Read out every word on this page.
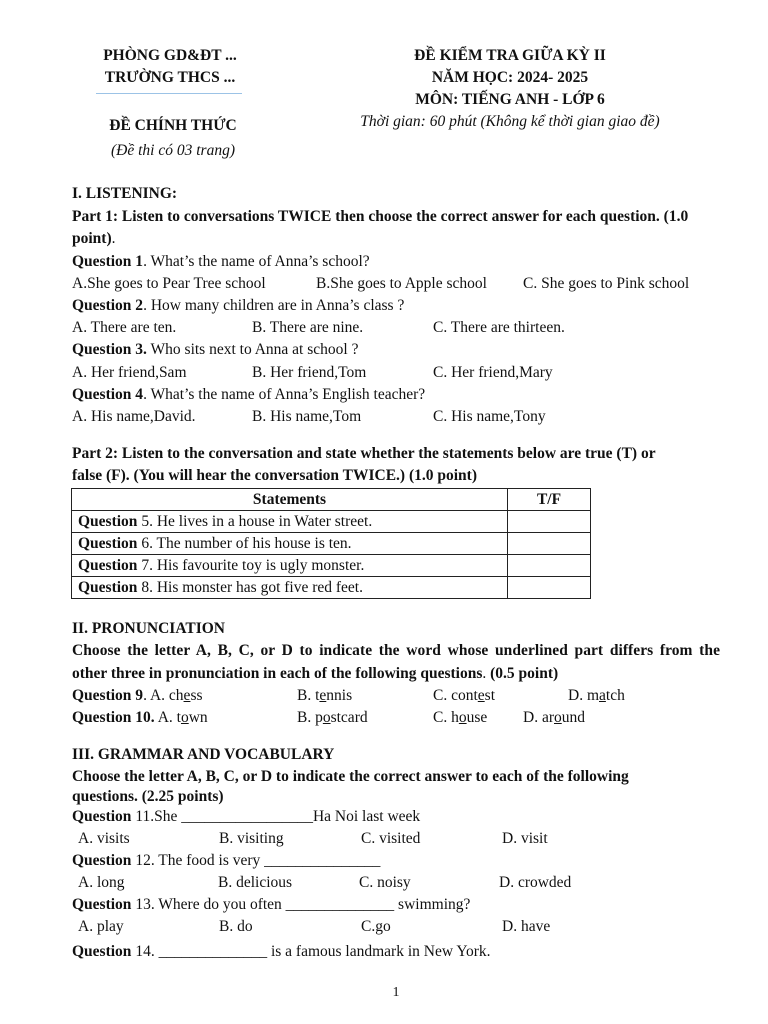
PHÒNG GD&ĐT ...
TRƯỜNG THCS ...
ĐỀ CHÍNH THỨC
(Đề thi có 03 trang)
ĐỀ KIỂM TRA GIỮA KỲ II
NĂM HỌC: 2024- 2025
MÔN: TIẾNG ANH - LỚP 6
Thời gian: 60 phút (Không kể thời gian giao đề)
I. LISTENING:
Part 1: Listen to conversations TWICE then choose the correct answer for each question. (1.0
point).
Question 1. What’s the name of Anna’s school?
A.She goes to Pear Tree school	B.She goes to Apple school C. She goes to Pink school
Question 2. How many children are in Anna’s class ?
A. There are ten.	B. There are nine.	C. There are thirteen.
Question 3. Who sits next to Anna at school ?
A. Her friend,Sam	B. Her friend,Tom	C. Her friend,Mary
Question 4. What’s the name of Anna’s English teacher?
A. His name,David.	B. His name,Tom	C. His name,Tony
Part 2: Listen to the conversation and state whether the statements below are true (T) or
false (F). (You will hear the conversation TWICE.) (1.0 point)
Statements	T/F
Question 5. He lives in a house in Water street.	
Question 6. The number of his house is ten.	
Question 7. His favourite toy is ugly monster.	
Question 8. His monster has got five red feet.	
II. PRONUNCIATION
Choose the letter A, B, C, or D to indicate the word whose underlined part differs from the
other three in pronunciation in each of the following questions. (0.5 point)
Question 9. A. chess	B. tennis	C. contest	D. match
Question 10. A. town	B. postcard	C. house D. around
III. GRAMMAR AND VOCABULARY
Choose the letter A, B, C, or D to indicate the correct answer to each of the following
questions. (2.25 points)
Question 11.She _________________Ha Noi last week
A. visits	B. visiting	C. visited	D. visit
Question 12. The food is very _______________
A. long	B. delicious	C. noisy	D. crowded
Question 13. Where do you often ______________ swimming?
A. play	B. do	C.go	D. have
Question 14. ______________ is a famous landmark in New York.
1
